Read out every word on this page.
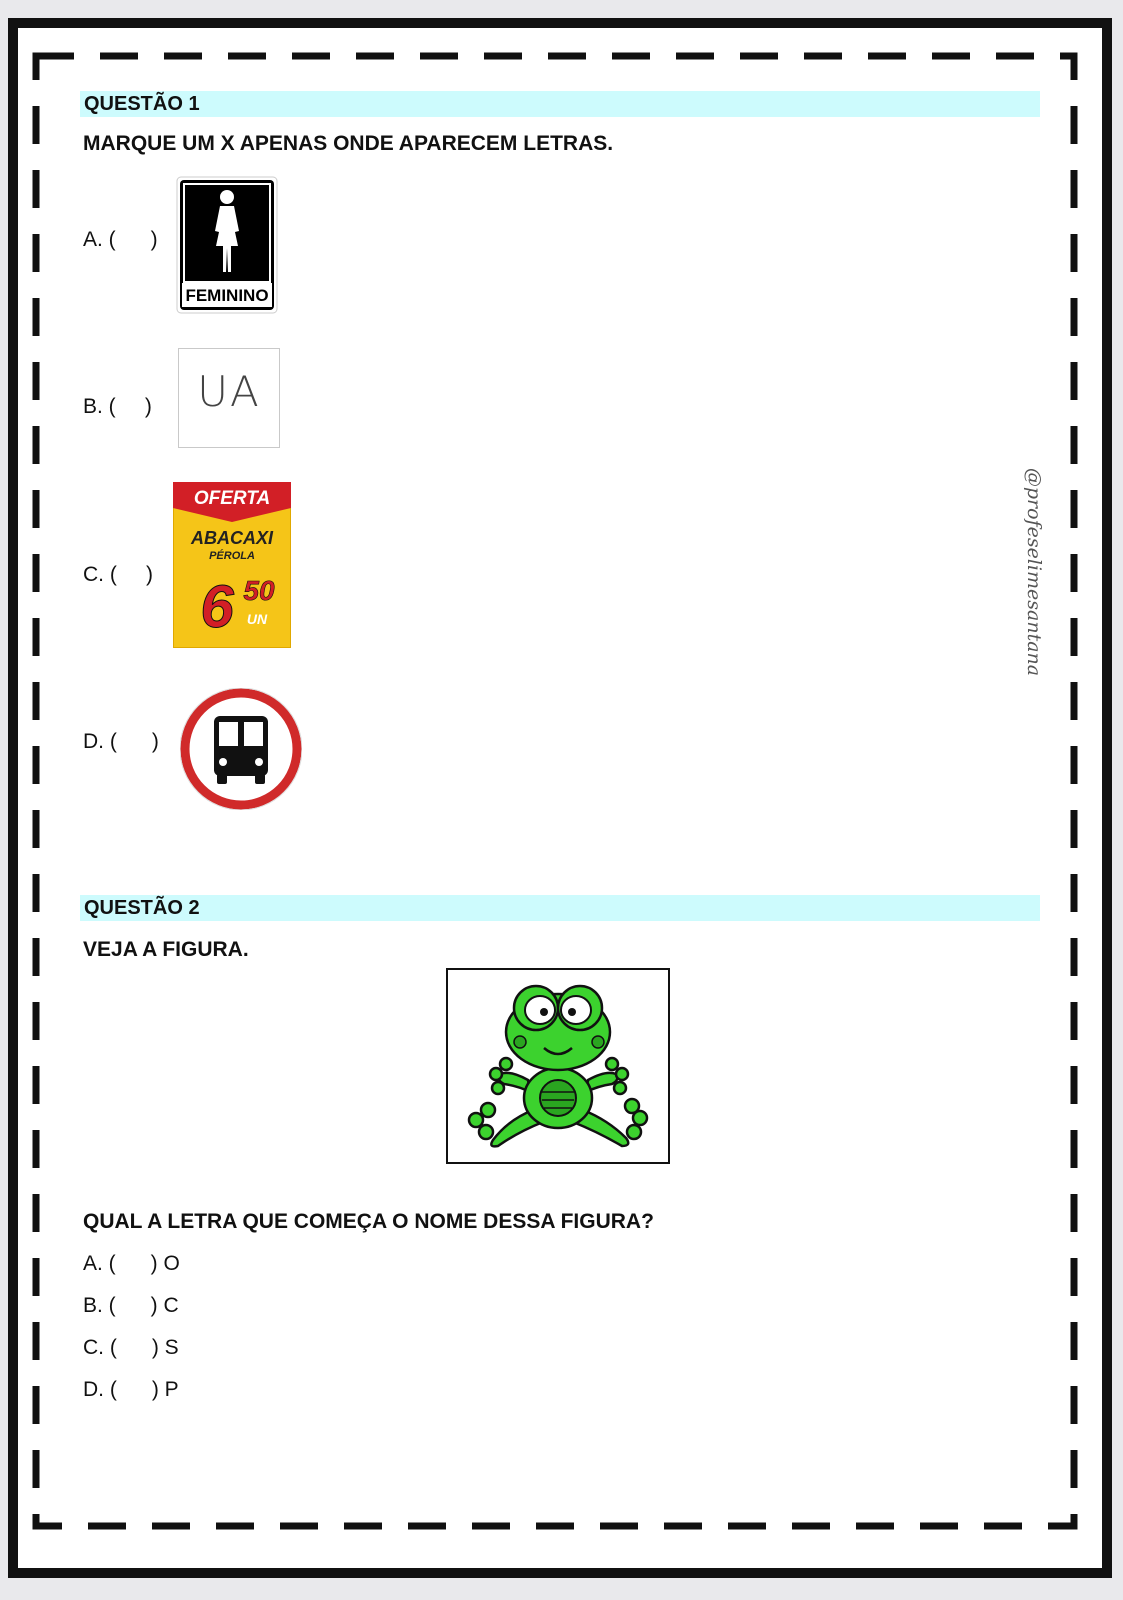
QUESTÃO 1
MARQUE UM X APENAS ONDE APARECEM LETRAS.
A. (      )
FEMININO
B. (     )	UA
C. (     )
OFERTA
ABACAXI
PÉROLA
6 50
UN
D. (      )
QUESTÃO 2
VEJA A FIGURA.
QUAL A LETRA QUE COMEÇA O NOME DESSA FIGURA?
A. (      ) O
B. (      ) C
C. (      ) S
D. (      ) P
@profeselimesantana
